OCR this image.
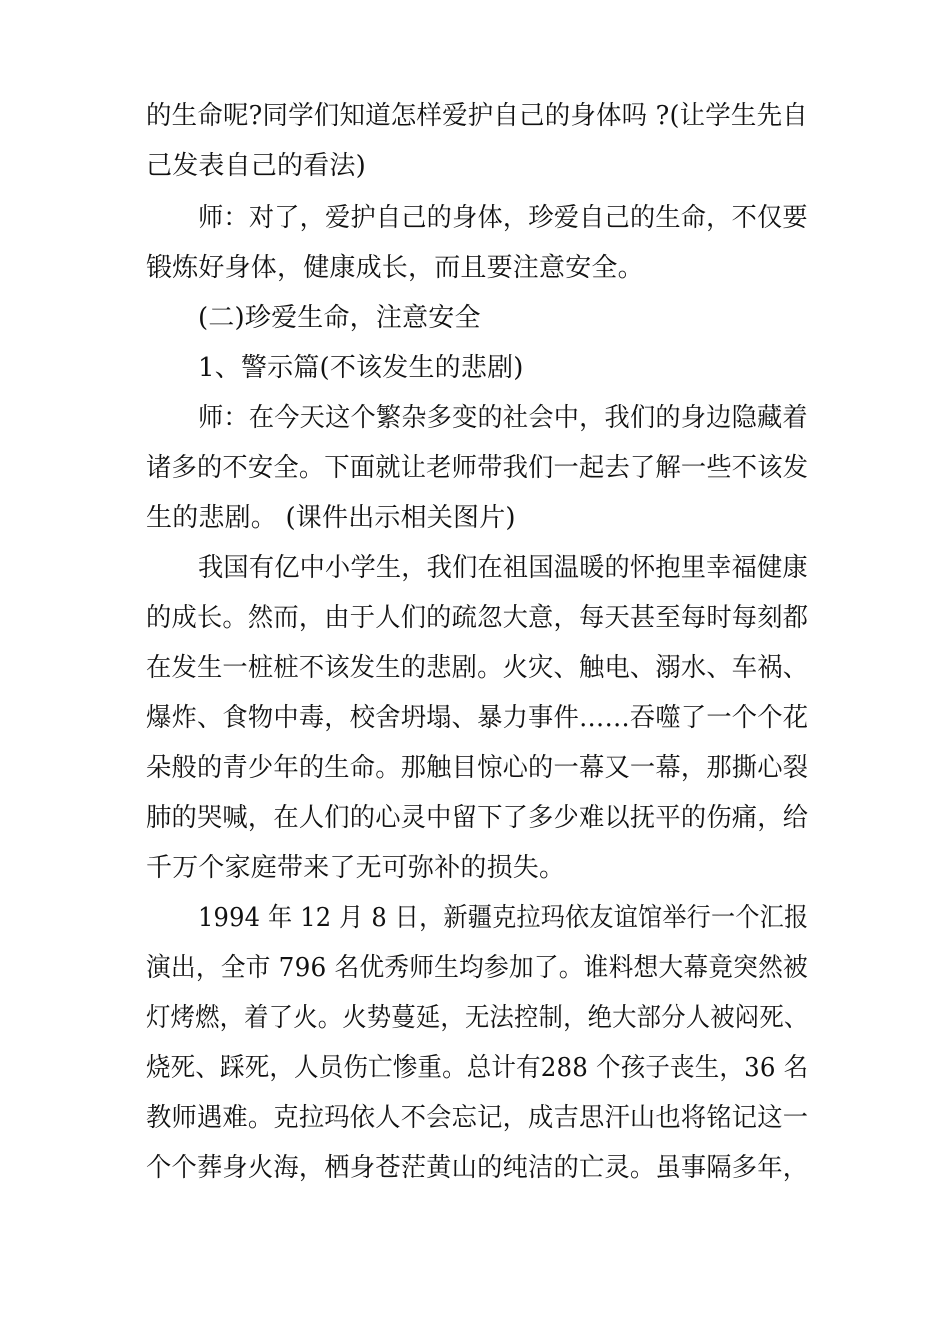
的生命呢?同学们知道怎样爱护自己的身体吗 ?(让学生先自
己发表自己的看法)
师：对了，爱护自己的身体，珍爱自己的生命，不仅要
锻炼好身体，健康成长，而且要注意安全。
(二)珍爱生命，注意安全
1、警示篇(不该发生的悲剧)
师：在今天这个繁杂多变的社会中，我们的身边隐藏着
诸多的不安全。下面就让老师带我们一起去了解一些不该发
生的悲剧。 (课件出示相关图片)
我国有亿中小学生，我们在祖国温暖的怀抱里幸福健康
的成长。然而，由于人们的疏忽大意，每天甚至每时每刻都
在发生一桩桩不该发生的悲剧。火灾、触电、溺水、车祸、
爆炸、食物中毒，校舍坍塌、暴力事件……吞噬了一个个花
朵般的青少年的生命。那触目惊心的一幕又一幕，那撕心裂
肺的哭喊，在人们的心灵中留下了多少难以抚平的伤痛，给
千万个家庭带来了无可弥补的损失。
1994 年 12 月 8 日，新疆克拉玛依友谊馆举行一个汇报
演出，全市 796 名优秀师生均参加了。谁料想大幕竟突然被
灯烤燃，着了火。火势蔓延，无法控制，绝大部分人被闷死、
烧死、踩死，人员伤亡惨重。总计有288 个孩子丧生，36 名
教师遇难。克拉玛依人不会忘记，成吉思汗山也将铭记这一
个个葬身火海，栖身苍茫黄山的纯洁的亡灵。虽事隔多年，
